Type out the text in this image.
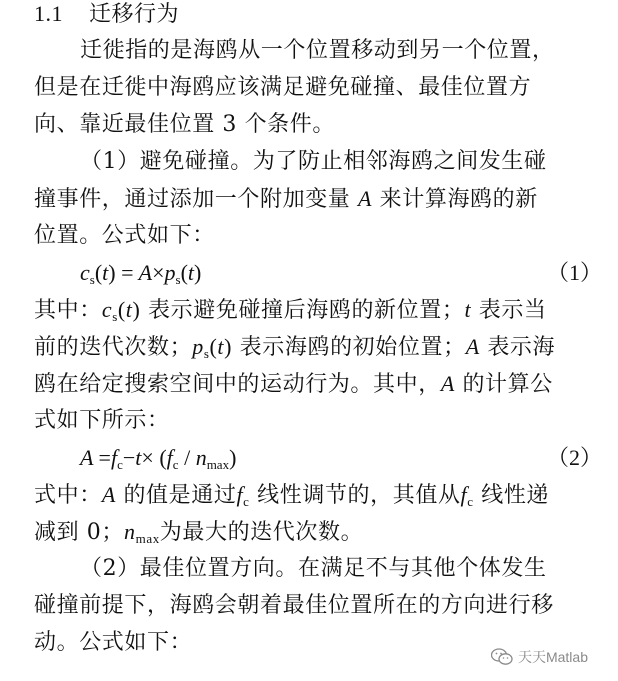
1.1 迁移行为
迁徙指的是海鸥从一个位置移动到另一个位置，
但是在迁徙中海鸥应该满足避免碰撞、最佳位置方
向、靠近最佳位置 3 个条件。
（1）避免碰撞。为了防止相邻海鸥之间发生碰
撞事件，通过添加一个附加变量 A 来计算海鸥的新
位置。公式如下：
$c_s(t) = A\times p_s(t)$	（1）
其中：$c_s(t)$ 表示避免碰撞后海鸥的新位置；t 表示当
前的迭代次数；$p_s(t)$ 表示海鸥的初始位置；A 表示海
鸥在给定搜索空间中的运动行为。其中，A 的计算公
式如下所示：
$A =f_c-t\times (f_c / n_{max})$	（2）
式中：A 的值是通过$f_c$ 线性调节的，其值从$f_c$ 线性递
减到 0；$n_{max}$为最大的迭代次数。
（2）最佳位置方向。在满足不与其他个体发生
碰撞前提下，海鸥会朝着最佳位置所在的方向进行移
动。公式如下：
天天Matlab
